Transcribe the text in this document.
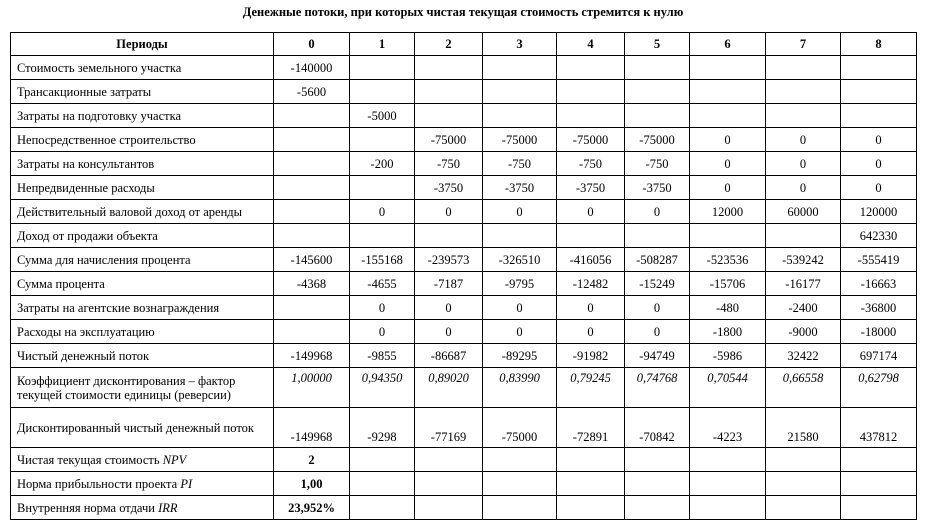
Денежные потоки, при которых чистая текущая стоимость стремится к нулю
Периоды	0	1	2	3	4	5	6	7	8
Стоимость земельного участка	-140000								
Трансакционные затраты	-5600								
Затраты на подготовку участка		-5000							
Непосредственное строительство			-75000	-75000	-75000	-75000	0	0	0
Затраты на консультантов		-200	-750	-750	-750	-750	0	0	0
Непредвиденные расходы			-3750	-3750	-3750	-3750	0	0	0
Действительный валовой доход от аренды		0	0	0	0	0	12000	60000	120000
Доход от продажи объекта									642330
Сумма для начисления процента	-145600	-155168	-239573	-326510	-416056	-508287	-523536	-539242	-555419
Сумма процента	-4368	-4655	-7187	-9795	-12482	-15249	-15706	-16177	-16663
Затраты на агентские вознаграждения		0	0	0	0	0	-480	-2400	-36800
Расходы на эксплуатацию		0	0	0	0	0	-1800	-9000	-18000
Чистый денежный поток	-149968	-9855	-86687	-89295	-91982	-94749	-5986	32422	697174
Коэффициент дисконтирования – фактор текущей стоимости единицы (реверсии)	1,00000	0,94350	0,89020	0,83990	0,79245	0,74768	0,70544	0,66558	0,62798
Дисконтированный чистый денежный поток	-149968	-9298	-77169	-75000	-72891	-70842	-4223	21580	437812
Чистая текущая стоимость NPV	2								
Норма прибыльности проекта PI	1,00								
Внутренняя норма отдачи IRR	23,952%								
